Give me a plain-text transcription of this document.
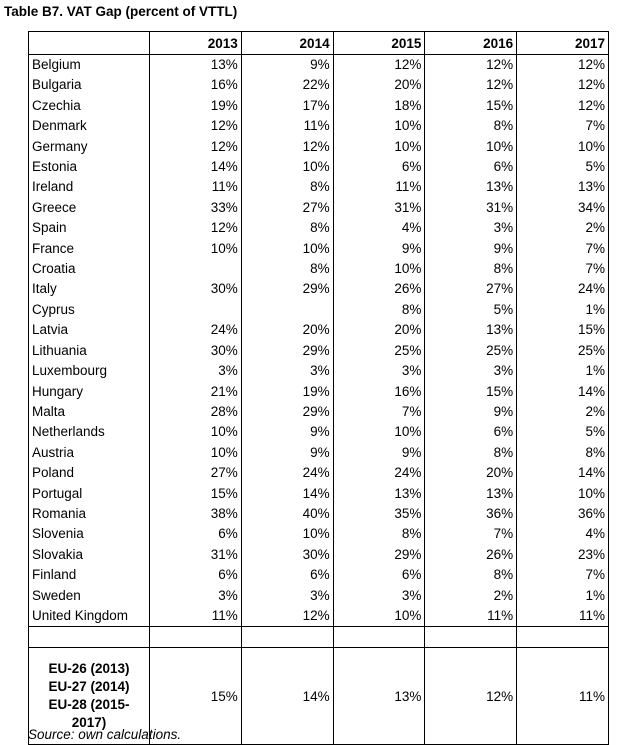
Table B7. VAT Gap (percent of VTTL)
	2013	2014	2015	2016	2017
Belgium	13%	9%	12%	12%	12%
Bulgaria	16%	22%	20%	12%	12%
Czechia	19%	17%	18%	15%	12%
Denmark	12%	11%	10%	8%	7%
Germany	12%	12%	10%	10%	10%
Estonia	14%	10%	6%	6%	5%
Ireland	11%	8%	11%	13%	13%
Greece	33%	27%	31%	31%	34%
Spain	12%	8%	4%	3%	2%
France	10%	10%	9%	9%	7%
Croatia		8%	10%	8%	7%
Italy	30%	29%	26%	27%	24%
Cyprus			8%	5%	1%
Latvia	24%	20%	20%	13%	15%
Lithuania	30%	29%	25%	25%	25%
Luxembourg	3%	3%	3%	3%	1%
Hungary	21%	19%	16%	15%	14%
Malta	28%	29%	7%	9%	2%
Netherlands	10%	9%	10%	6%	5%
Austria	10%	9%	9%	8%	8%
Poland	27%	24%	24%	20%	14%
Portugal	15%	14%	13%	13%	10%
Romania	38%	40%	35%	36%	36%
Slovenia	6%	10%	8%	7%	4%
Slovakia	31%	30%	29%	26%	23%
Finland	6%	6%	6%	8%	7%
Sweden	3%	3%	3%	2%	1%
United Kingdom	11%	12%	10%	11%	11%

EU-26 (2013)
EU-27 (2014)
EU-28 (2015-
2017)	15%	14%	13%	12%	11%
Source: own calculations.
